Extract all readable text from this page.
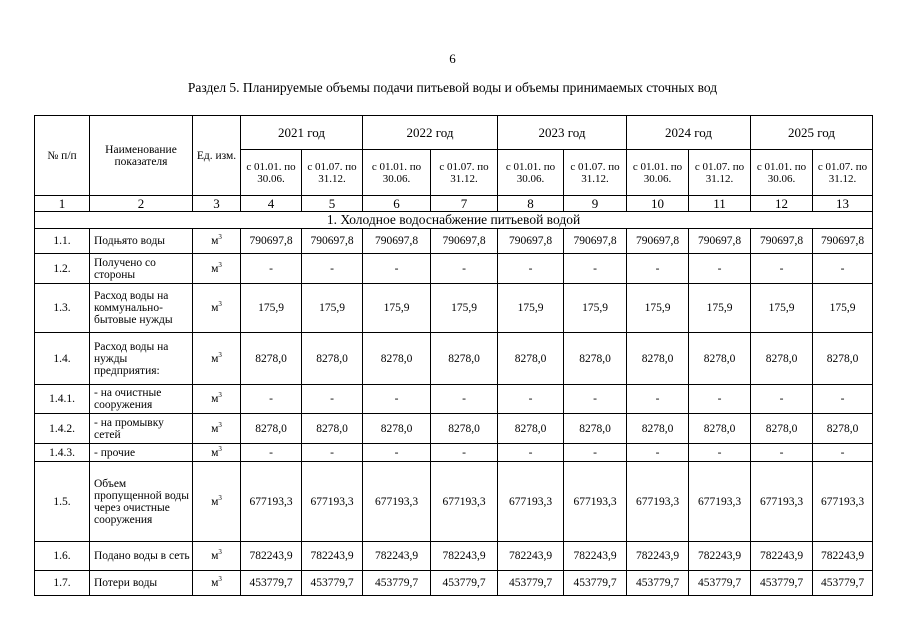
6
Раздел 5. Планируемые объемы подачи питьевой воды и объемы принимаемых сточных вод
№ п/п	Наименование показателя	Ед. изм.	2021 год		2022 год		2023 год		2024 год		2025 год	
			с 01.01. по 30.06.	с 01.07. по 31.12.	с 01.01. по 30.06.	с 01.07. по 31.12.	с 01.01. по 30.06.	с 01.07. по 31.12.	с 01.01. по 30.06.	с 01.07. по 31.12.	с 01.01. по 30.06.	с 01.07. по 31.12.
1	2	3	4	5	6	7	8	9	10	11	12	13
1. Холодное водоснабжение питьевой водой												
1.1.	Подњято воды	$м^3$	790697,8	790697,8	790697,8	790697,8	790697,8	790697,8	790697,8	790697,8	790697,8	790697,8
1.2.	Получено со стороны	$м^3$	-	-	-	-	-	-	-	-	-	-
1.3.	Расход воды на коммунально-бытовые нужды	$м^3$	175,9	175,9	175,9	175,9	175,9	175,9	175,9	175,9	175,9	175,9
1.4.	Расход воды на нужды предприятия:	$м^3$	8278,0	8278,0	8278,0	8278,0	8278,0	8278,0	8278,0	8278,0	8278,0	8278,0
1.4.1.	- на очистные сооружения	$м^3$	-	-	-	-	-	-	-	-	-	-
1.4.2.	- на промывку сетей	$м^3$	8278,0	8278,0	8278,0	8278,0	8278,0	8278,0	8278,0	8278,0	8278,0	8278,0
1.4.3.	- прочие	$м^3$	-	-	-	-	-	-	-	-	-	-
1.5.	Объем пропущенной воды через очистные сооружения	$м^3$	677193,3	677193,3	677193,3	677193,3	677193,3	677193,3	677193,3	677193,3	677193,3	677193,3
1.6.	Подано воды в сеть	$м^3$	782243,9	782243,9	782243,9	782243,9	782243,9	782243,9	782243,9	782243,9	782243,9	782243,9
1.7.	Потери воды	$м^3$	453779,7	453779,7	453779,7	453779,7	453779,7	453779,7	453779,7	453779,7	453779,7	453779,7
